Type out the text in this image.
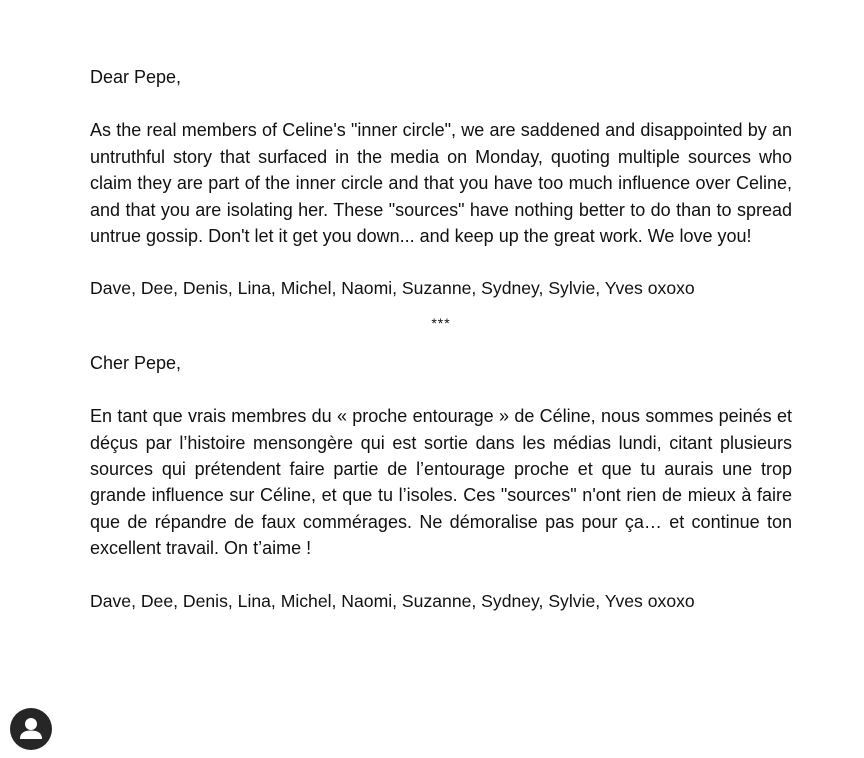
Dear Pepe,

As the real members of Celine's "inner circle", we are saddened and disappointed by an untruthful story that surfaced in the media on Monday, quoting multiple sources who claim they are part of the inner circle and that you have too much influence over Celine, and that you are isolating her. These "sources" have nothing better to do than to spread untrue gossip. Don't let it get you down... and keep up the great work. We love you!

Dave, Dee, Denis, Lina, Michel, Naomi, Suzanne, Sydney, Sylvie, Yves oxoxo

***

Cher Pepe,

En tant que vrais membres du « proche entourage » de Céline, nous sommes peinés et déçus par l’histoire mensongère qui est sortie dans les médias lundi, citant plusieurs sources qui prétendent faire partie de l’entourage proche et que tu aurais une trop grande influence sur Céline, et que tu l’isoles. Ces "sources" n'ont rien de mieux à faire que de répandre de faux commérages. Ne démoralise pas pour ça… et continue ton excellent travail. On t’aime !

Dave, Dee, Denis, Lina, Michel, Naomi, Suzanne, Sydney, Sylvie, Yves oxoxo
